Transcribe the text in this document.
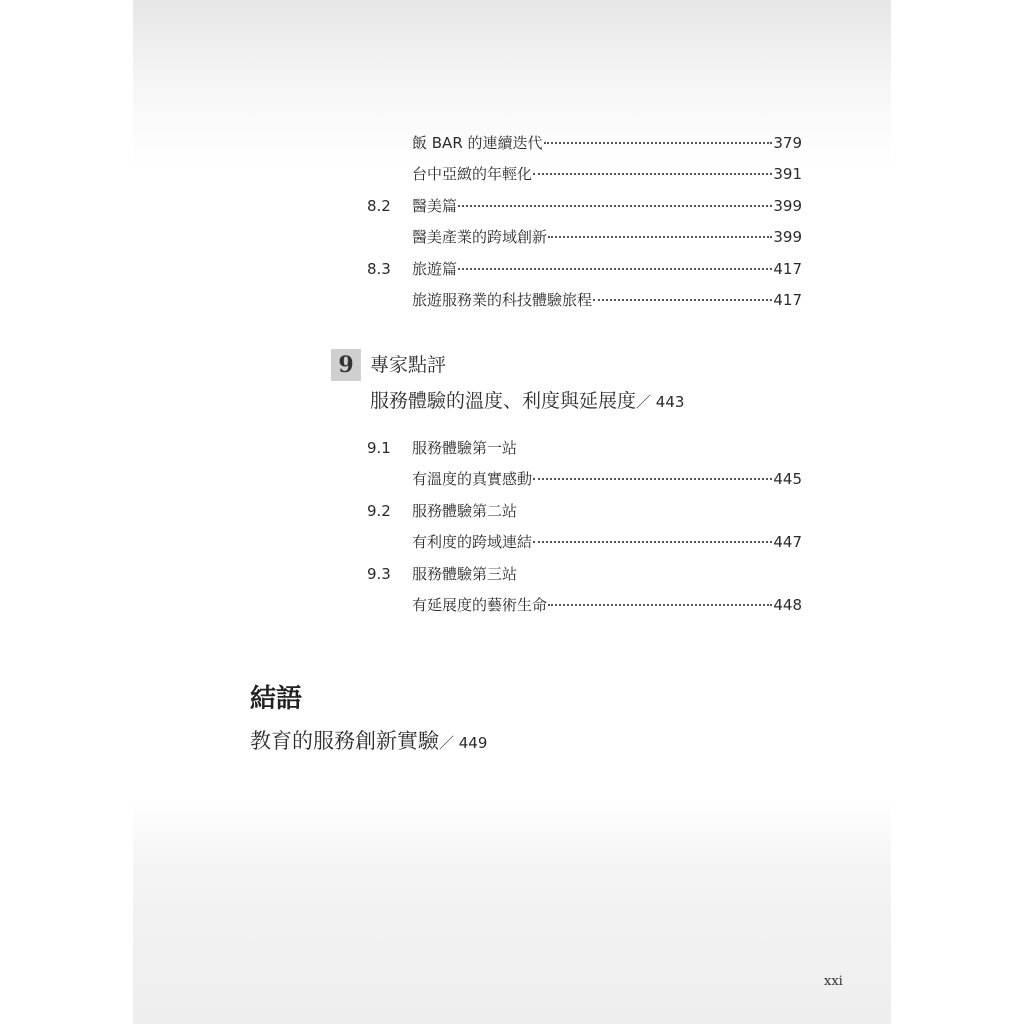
飯 BAR 的連續迭代	379
台中亞緻的年輕化	391
8.2 醫美篇	399
醫美產業的跨域創新	399
8.3 旅遊篇	417
旅遊服務業的科技體驗旅程	417
9 專家點評
服務體驗的溫度、利度與延展度／ 443
9.1 服務體驗第一站
有溫度的真實感動	445
9.2 服務體驗第二站
有利度的跨域連結	447
9.3 服務體驗第三站
有延展度的藝術生命	448
結語
教育的服務創新實驗／ 449
xxi
